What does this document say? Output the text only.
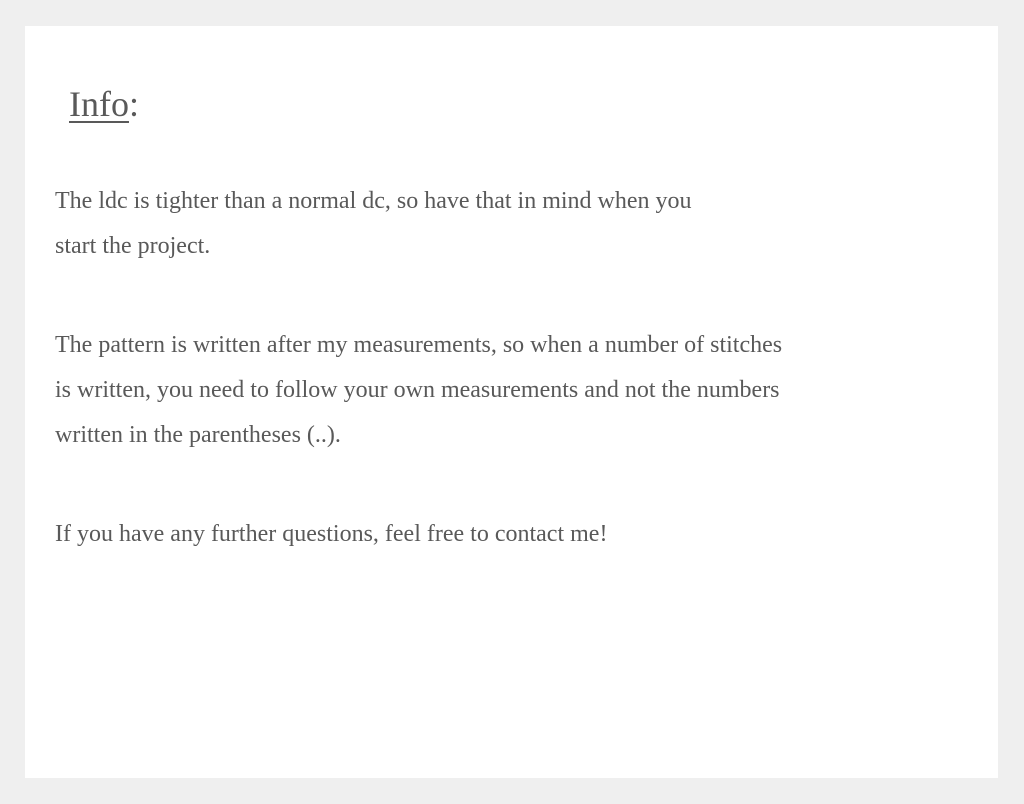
Info:

The ldc is tighter than a normal dc, so have that in mind when you
start the project.

The pattern is written after my measurements, so when a number of stitches
is written, you need to follow your own measurements and not the numbers
written in the parentheses (..).

If you have any further questions, feel free to contact me!
